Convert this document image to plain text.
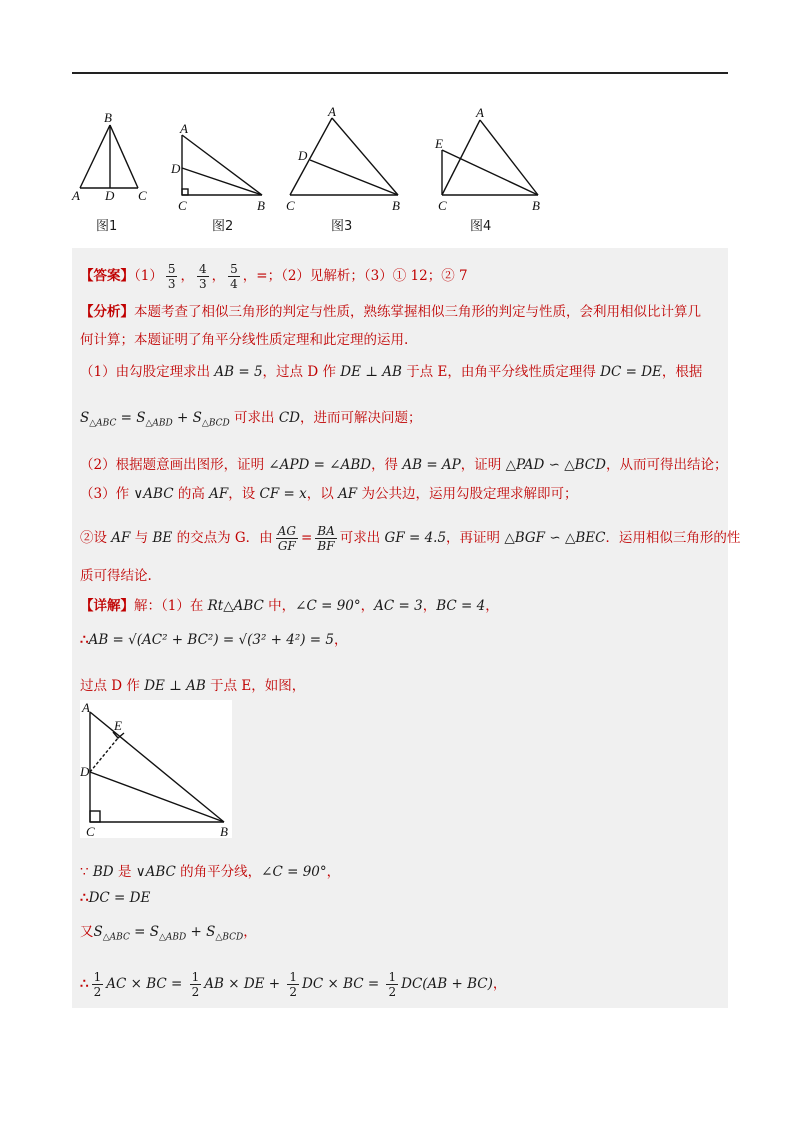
B
A D C
A
D
C	B
A
D
C	B
A
E
C	B
图1	图2	图3	图4
【答案】$(1) \frac{5}{3}$ ， $\frac{4}{3}$ ， $\frac{5}{4}$ ，=；（2）见解析；（3）① 12；② 7
【分析】本题考查了相似三角形的判定与性质，熟练掌握相似三角形的判定与性质，会利用相似比计算几
何计算；本题证明了角平分线性质定理和此定理的运用.
（1）由勾股定理求出 AB = 5，过点 D 作 DE ⊥ AB 于点 E，由角平分线性质定理得 DC = DE，根据
$S_{\triangle ABC} = S_{\triangle ABD} + S_{\triangle BCD}$ 可求出 CD，进而可解决问题；
（2）根据题意画出图形，证明 ∠APD = ∠ABD，得 AB = AP，证明 △PAD ∽ △BCD，从而可得出结论；
（3）作 ∨ABC 的高 AF，设 CF = x，以 AF 为公共边，运用勾股定理求解即可；
②设 AF 与 BE 的交点为 G．由 $\frac{AG}{GF} = \frac{BA}{BF}$ 可求出 GF = 4.5，再证明 △BGF ∽ △BEC．运用相似三角形的性
质可得结论.
【详解】解：（1）在 Rt△ABC 中，∠C = 90°，AC = 3，BC = 4，
∴AB = √(AC² + BC²) = √(3² + 4²) = 5，
过点 D 作 DE ⊥ AB 于点 E，如图，
A
E
D
C	B
∵ BD 是 ∨ABC 的角平分线，∠C = 90°，
∴DC = DE
又$S_{\triangle ABC} = S_{\triangle ABD} + S_{\triangle BCD}$，
∴ $\frac{1}{2}$ AC × BC = $\frac{1}{2}$ AB × DE + $\frac{1}{2}$ DC × BC = $\frac{1}{2} DC(AB + BC)$，
